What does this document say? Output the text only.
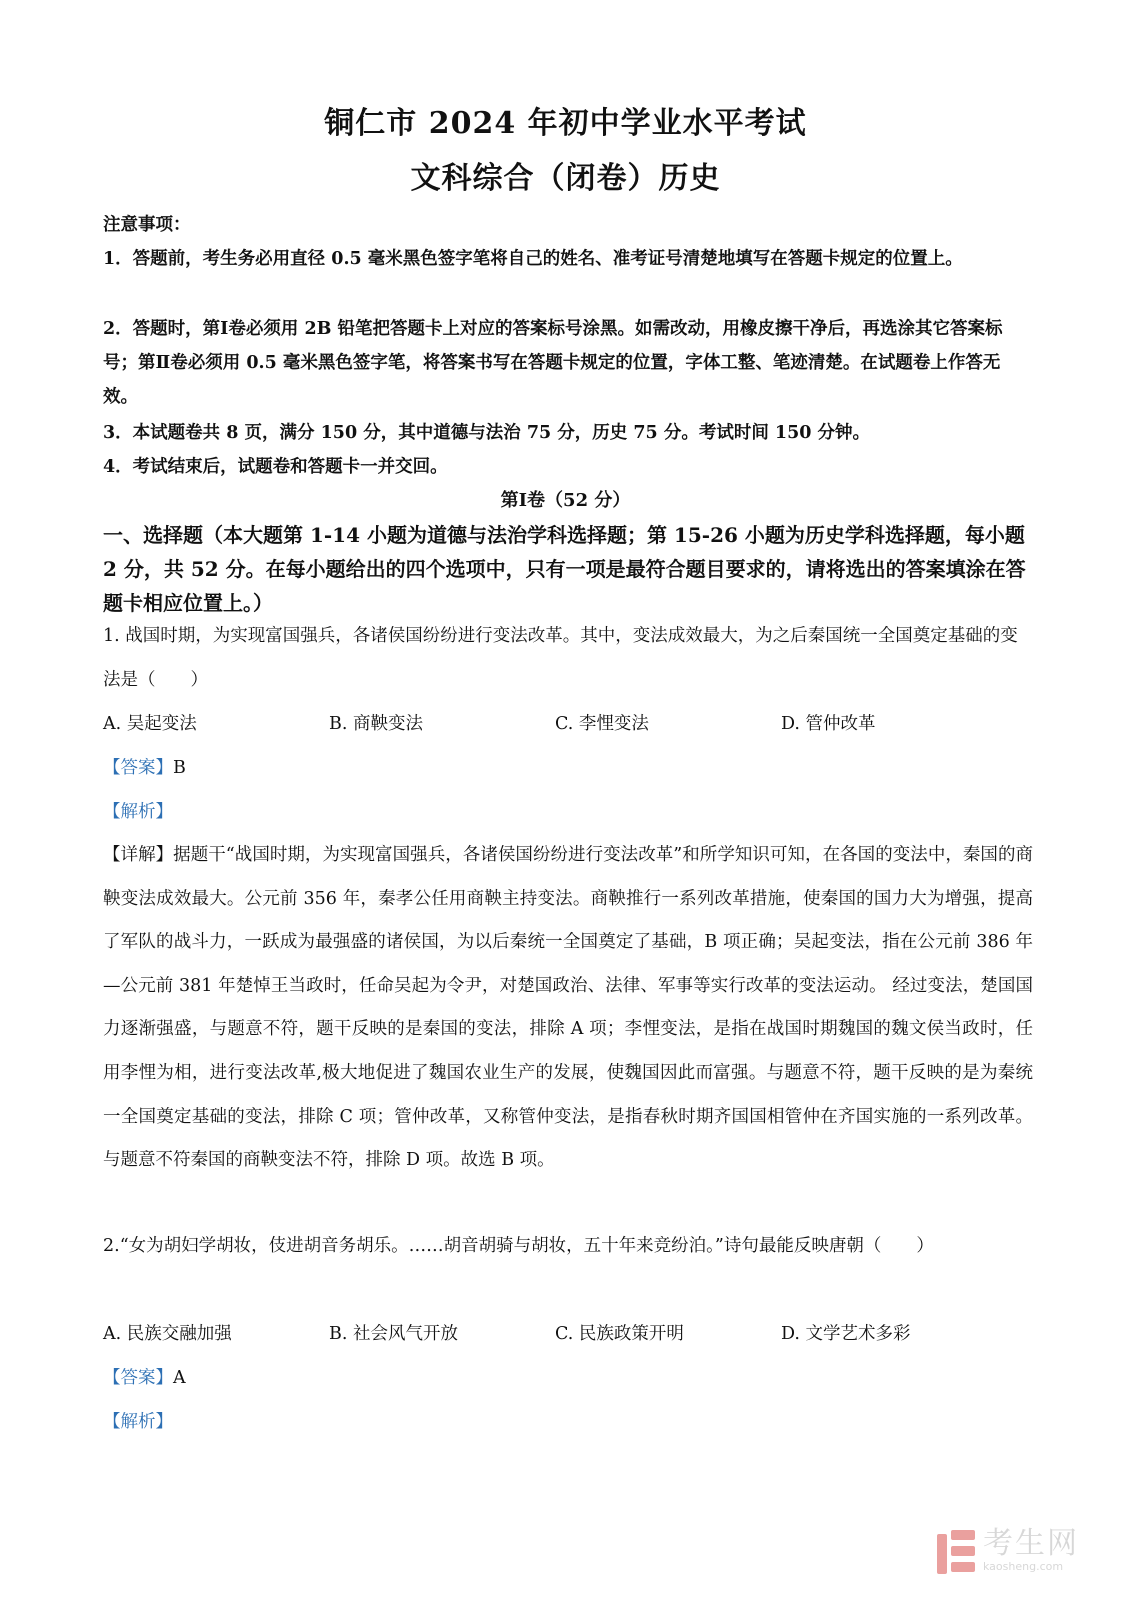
铜仁市 2024 年初中学业水平考试
文科综合（闭卷）历史
注意事项：
1．答题前，考生务必用直径 0.5 毫米黑色签字笔将自己的姓名、准考证号清楚地填写在答题卡规定的位置上。
2．答题时，第Ⅰ卷必须用 2B 铅笔把答题卡上对应的答案标号涂黑。如需改动，用橡皮擦干净后，再选涂其它答案标号；第Ⅱ卷必须用 0.5 毫米黑色签字笔，将答案书写在答题卡规定的位置，字体工整、笔迹清楚。在试题卷上作答无效。
3．本试题卷共 8 页，满分 150 分，其中道德与法治 75 分，历史 75 分。考试时间 150 分钟。
4．考试结束后，试题卷和答题卡一并交回。
第Ⅰ卷（52 分）
一、选择题（本大题第 1-14 小题为道德与法治学科选择题；第 15-26 小题为历史学科选择题，每小题 2 分，共 52 分。在每小题给出的四个选项中，只有一项是最符合题目要求的，请将选出的答案填涂在答题卡相应位置上。）
1. 战国时期，为实现富国强兵，各诸侯国纷纷进行变法改革。其中，变法成效最大，为之后秦国统一全国奠定基础的变法是（　　）
A. 吴起变法	B. 商鞅变法	C. 李悝变法	D. 管仲改革
【答案】B
【解析】
【详解】据题干“战国时期，为实现富国强兵，各诸侯国纷纷进行变法改革”和所学知识可知，在各国的变法中，秦国的商鞅变法成效最大。公元前 356 年，秦孝公任用商鞅主持变法。商鞅推行一系列改革措施，使秦国的国力大为增强，提高了军队的战斗力，一跃成为最强盛的诸侯国，为以后秦统一全国奠定了基础，B 项正确；吴起变法，指在公元前 386 年—公元前 381 年楚悼王当政时，任命吴起为令尹，对楚国政治、法律、军事等实行改革的变法运动。 经过变法，楚国国力逐渐强盛，与题意不符，题干反映的是秦国的变法，排除 A 项；李悝变法，是指在战国时期魏国的魏文侯当政时，任用李悝为相，进行变法改革,极大地促进了魏国农业生产的发展，使魏国因此而富强。与题意不符，题干反映的是为秦统一全国奠定基础的变法，排除 C 项；管仲改革，又称管仲变法，是指春秋时期齐国国相管仲在齐国实施的一系列改革。与题意不符秦国的商鞅变法不符，排除 D 项。故选 B 项。
2.“女为胡妇学胡妆，伎进胡音务胡乐。……胡音胡骑与胡妆，五十年来竞纷泊。”诗句最能反映唐朝（　　）
A. 民族交融加强	B. 社会风气开放	C. 民族政策开明	D. 文学艺术多彩
【答案】A
【解析】
考生网
kaosheng.com
